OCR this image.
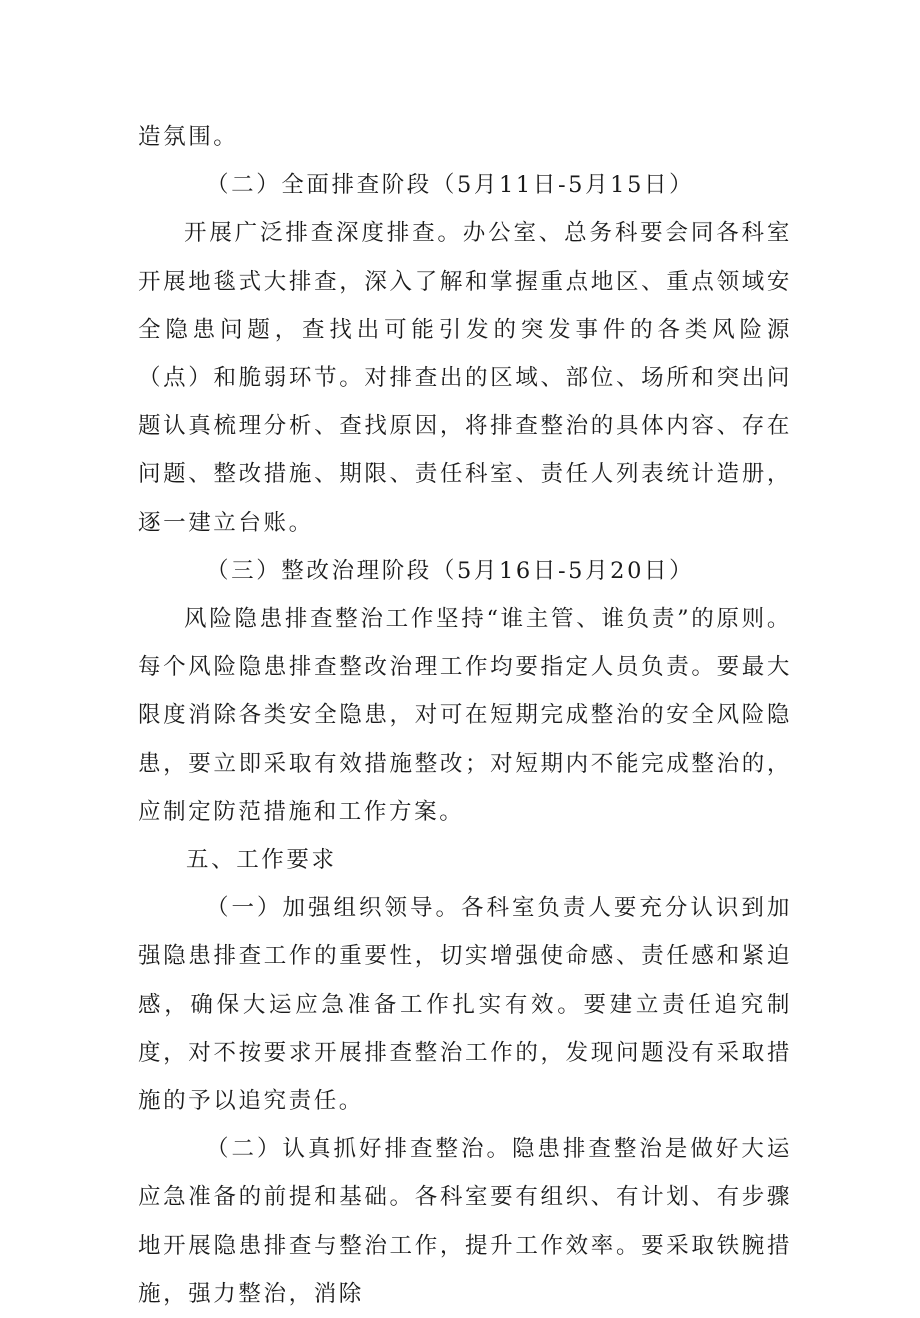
造氛围。

（二）全面排查阶段（5月11日-5月15日）

开展广泛排查深度排查。办公室、总务科要会同各科室开展地毯式大排查，深入了解和掌握重点地区、重点领域安全隐患问题，查找出可能引发的突发事件的各类风险源（点）和脆弱环节。对排查出的区域、部位、场所和突出问题认真梳理分析、查找原因，将排查整治的具体内容、存在问题、整改措施、期限、责任科室、责任人列表统计造册，逐一建立台账。

（三）整改治理阶段（5月16日-5月20日）

风险隐患排查整治工作坚持“谁主管、谁负责”的原则。每个风险隐患排查整改治理工作均要指定人员负责。要最大限度消除各类安全隐患，对可在短期完成整治的安全风险隐患，要立即采取有效措施整改；对短期内不能完成整治的，应制定防范措施和工作方案。

五、工作要求

（一）加强组织领导。各科室负责人要充分认识到加强隐患排查工作的重要性，切实增强使命感、责任感和紧迫感，确保大运应急准备工作扎实有效。要建立责任追究制度，对不按要求开展排查整治工作的，发现问题没有采取措施的予以追究责任。

（二）认真抓好排查整治。隐患排查整治是做好大运应急准备的前提和基础。各科室要有组织、有计划、有步骤地开展隐患排查与整治工作，提升工作效率。要采取铁腕措施，强力整治，消除
